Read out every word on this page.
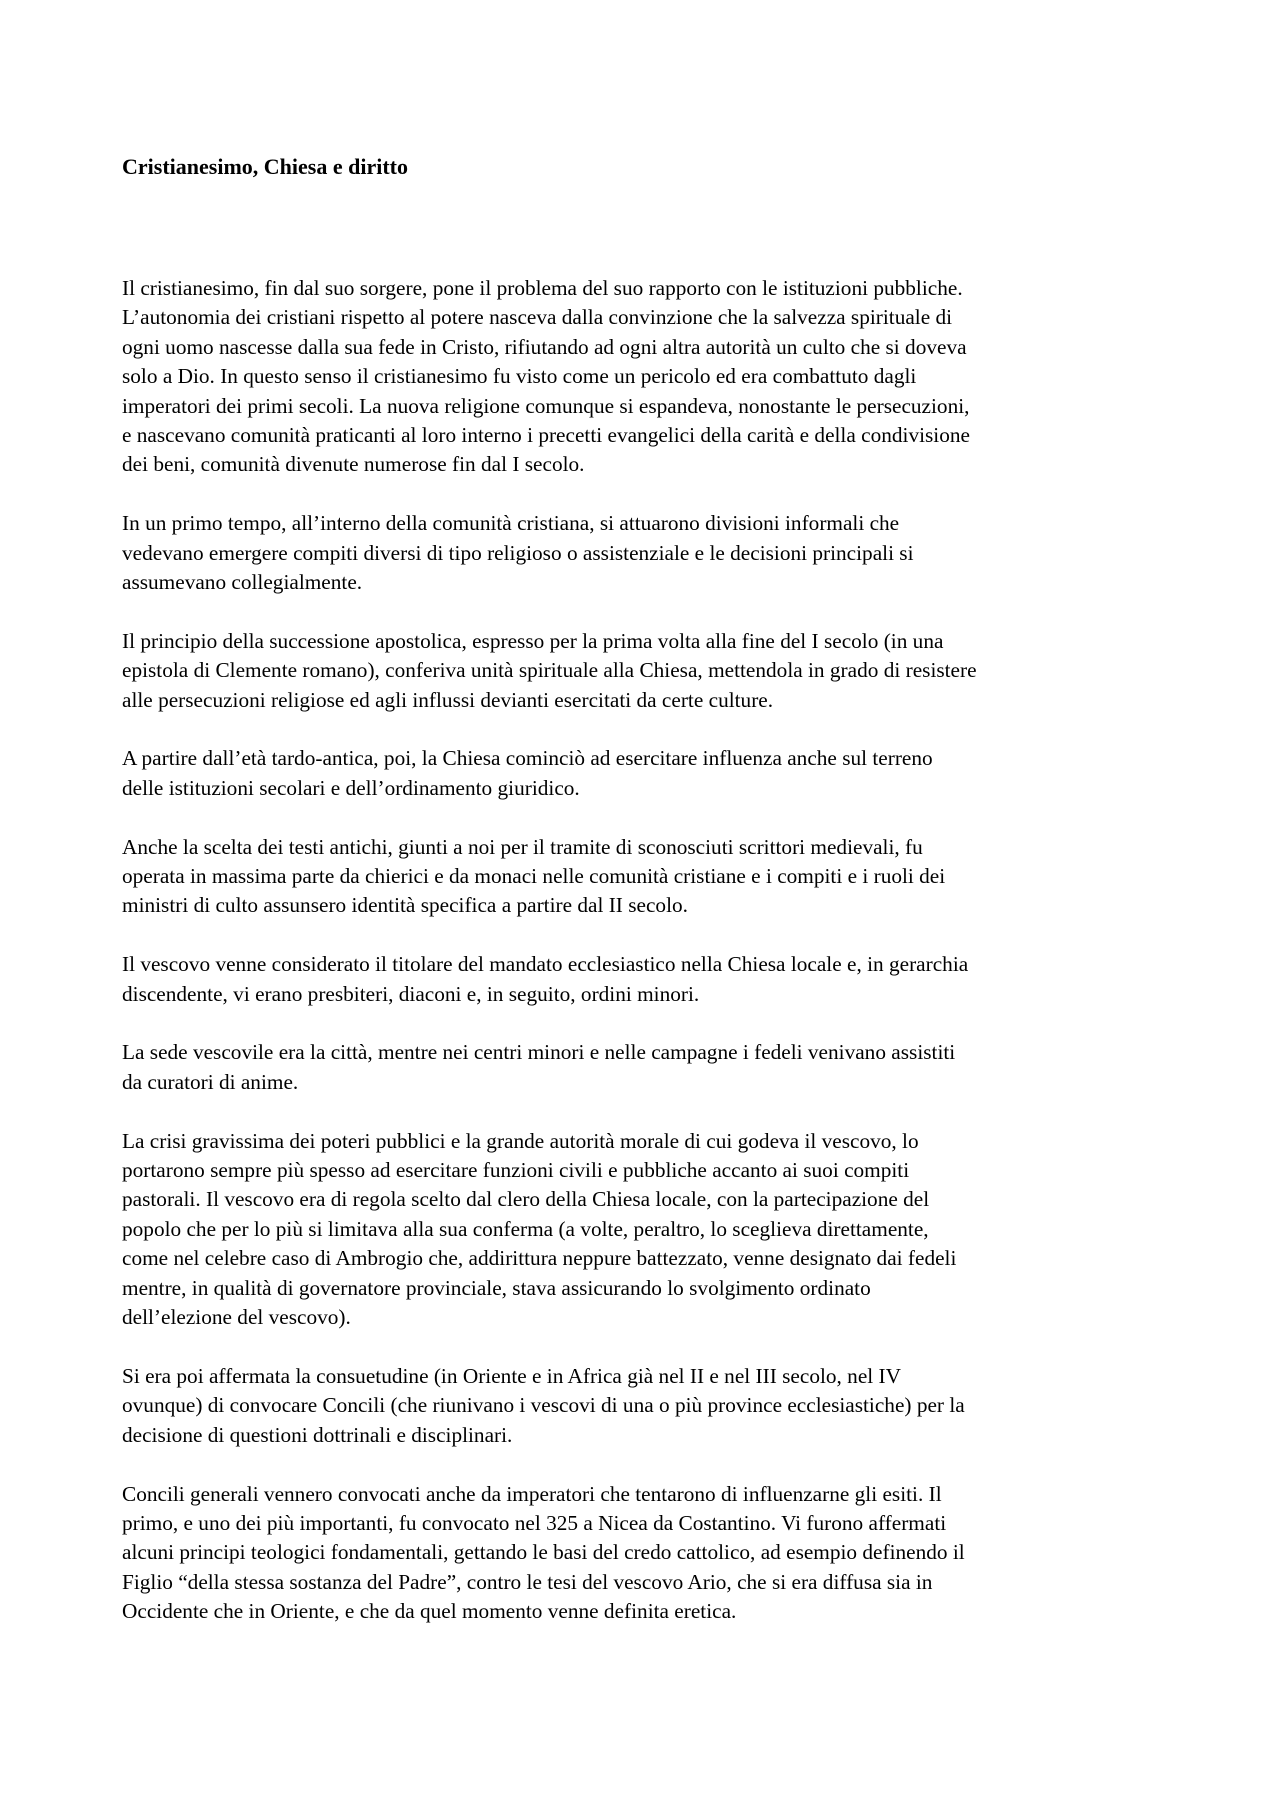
Cristianesimo, Chiesa e diritto

Il cristianesimo, fin dal suo sorgere, pone il problema del suo rapporto con le istituzioni pubbliche.
L’autonomia dei cristiani rispetto al potere nasceva dalla convinzione che la salvezza spirituale di
ogni uomo nascesse dalla sua fede in Cristo, rifiutando ad ogni altra autorità un culto che si doveva
solo a Dio. In questo senso il cristianesimo fu visto come un pericolo ed era combattuto dagli
imperatori dei primi secoli. La nuova religione comunque si espandeva, nonostante le persecuzioni,
e nascevano comunità praticanti al loro interno i precetti evangelici della carità e della condivisione
dei beni, comunità divenute numerose fin dal I secolo.

In un primo tempo, all’interno della comunità cristiana, si attuarono divisioni informali che
vedevano emergere compiti diversi di tipo religioso o assistenziale e le decisioni principali si
assumevano collegialmente.

Il principio della successione apostolica, espresso per la prima volta alla fine del I secolo (in una
epistola di Clemente romano), conferiva unità spirituale alla Chiesa, mettendola in grado di resistere
alle persecuzioni religiose ed agli influssi devianti esercitati da certe culture.

A partire dall’età tardo-antica, poi, la Chiesa cominciò ad esercitare influenza anche sul terreno
delle istituzioni secolari e dell’ordinamento giuridico.

Anche la scelta dei testi antichi, giunti a noi per il tramite di sconosciuti scrittori medievali, fu
operata in massima parte da chierici e da monaci nelle comunità cristiane e i compiti e i ruoli dei
ministri di culto assunsero identità specifica a partire dal II secolo.

Il vescovo venne considerato il titolare del mandato ecclesiastico nella Chiesa locale e, in gerarchia
discendente, vi erano presbiteri, diaconi e, in seguito, ordini minori.

La sede vescovile era la città, mentre nei centri minori e nelle campagne i fedeli venivano assistiti
da curatori di anime.

La crisi gravissima dei poteri pubblici e la grande autorità morale di cui godeva il vescovo, lo
portarono sempre più spesso ad esercitare funzioni civili e pubbliche accanto ai suoi compiti
pastorali. Il vescovo era di regola scelto dal clero della Chiesa locale, con la partecipazione del
popolo che per lo più si limitava alla sua conferma (a volte, peraltro, lo sceglieva direttamente,
come nel celebre caso di Ambrogio che, addirittura neppure battezzato, venne designato dai fedeli
mentre, in qualità di governatore provinciale, stava assicurando lo svolgimento ordinato
dell’elezione del vescovo).

Si era poi affermata la consuetudine (in Oriente e in Africa già nel II e nel III secolo, nel IV
ovunque) di convocare Concili (che riunivano i vescovi di una o più province ecclesiastiche) per la
decisione di questioni dottrinali e disciplinari.

Concili generali vennero convocati anche da imperatori che tentarono di influenzarne gli esiti. Il
primo, e uno dei più importanti, fu convocato nel 325 a Nicea da Costantino. Vi furono affermati
alcuni principi teologici fondamentali, gettando le basi del credo cattolico, ad esempio definendo il
Figlio “della stessa sostanza del Padre”, contro le tesi del vescovo Ario, che si era diffusa sia in
Occidente che in Oriente, e che da quel momento venne definita eretica.
